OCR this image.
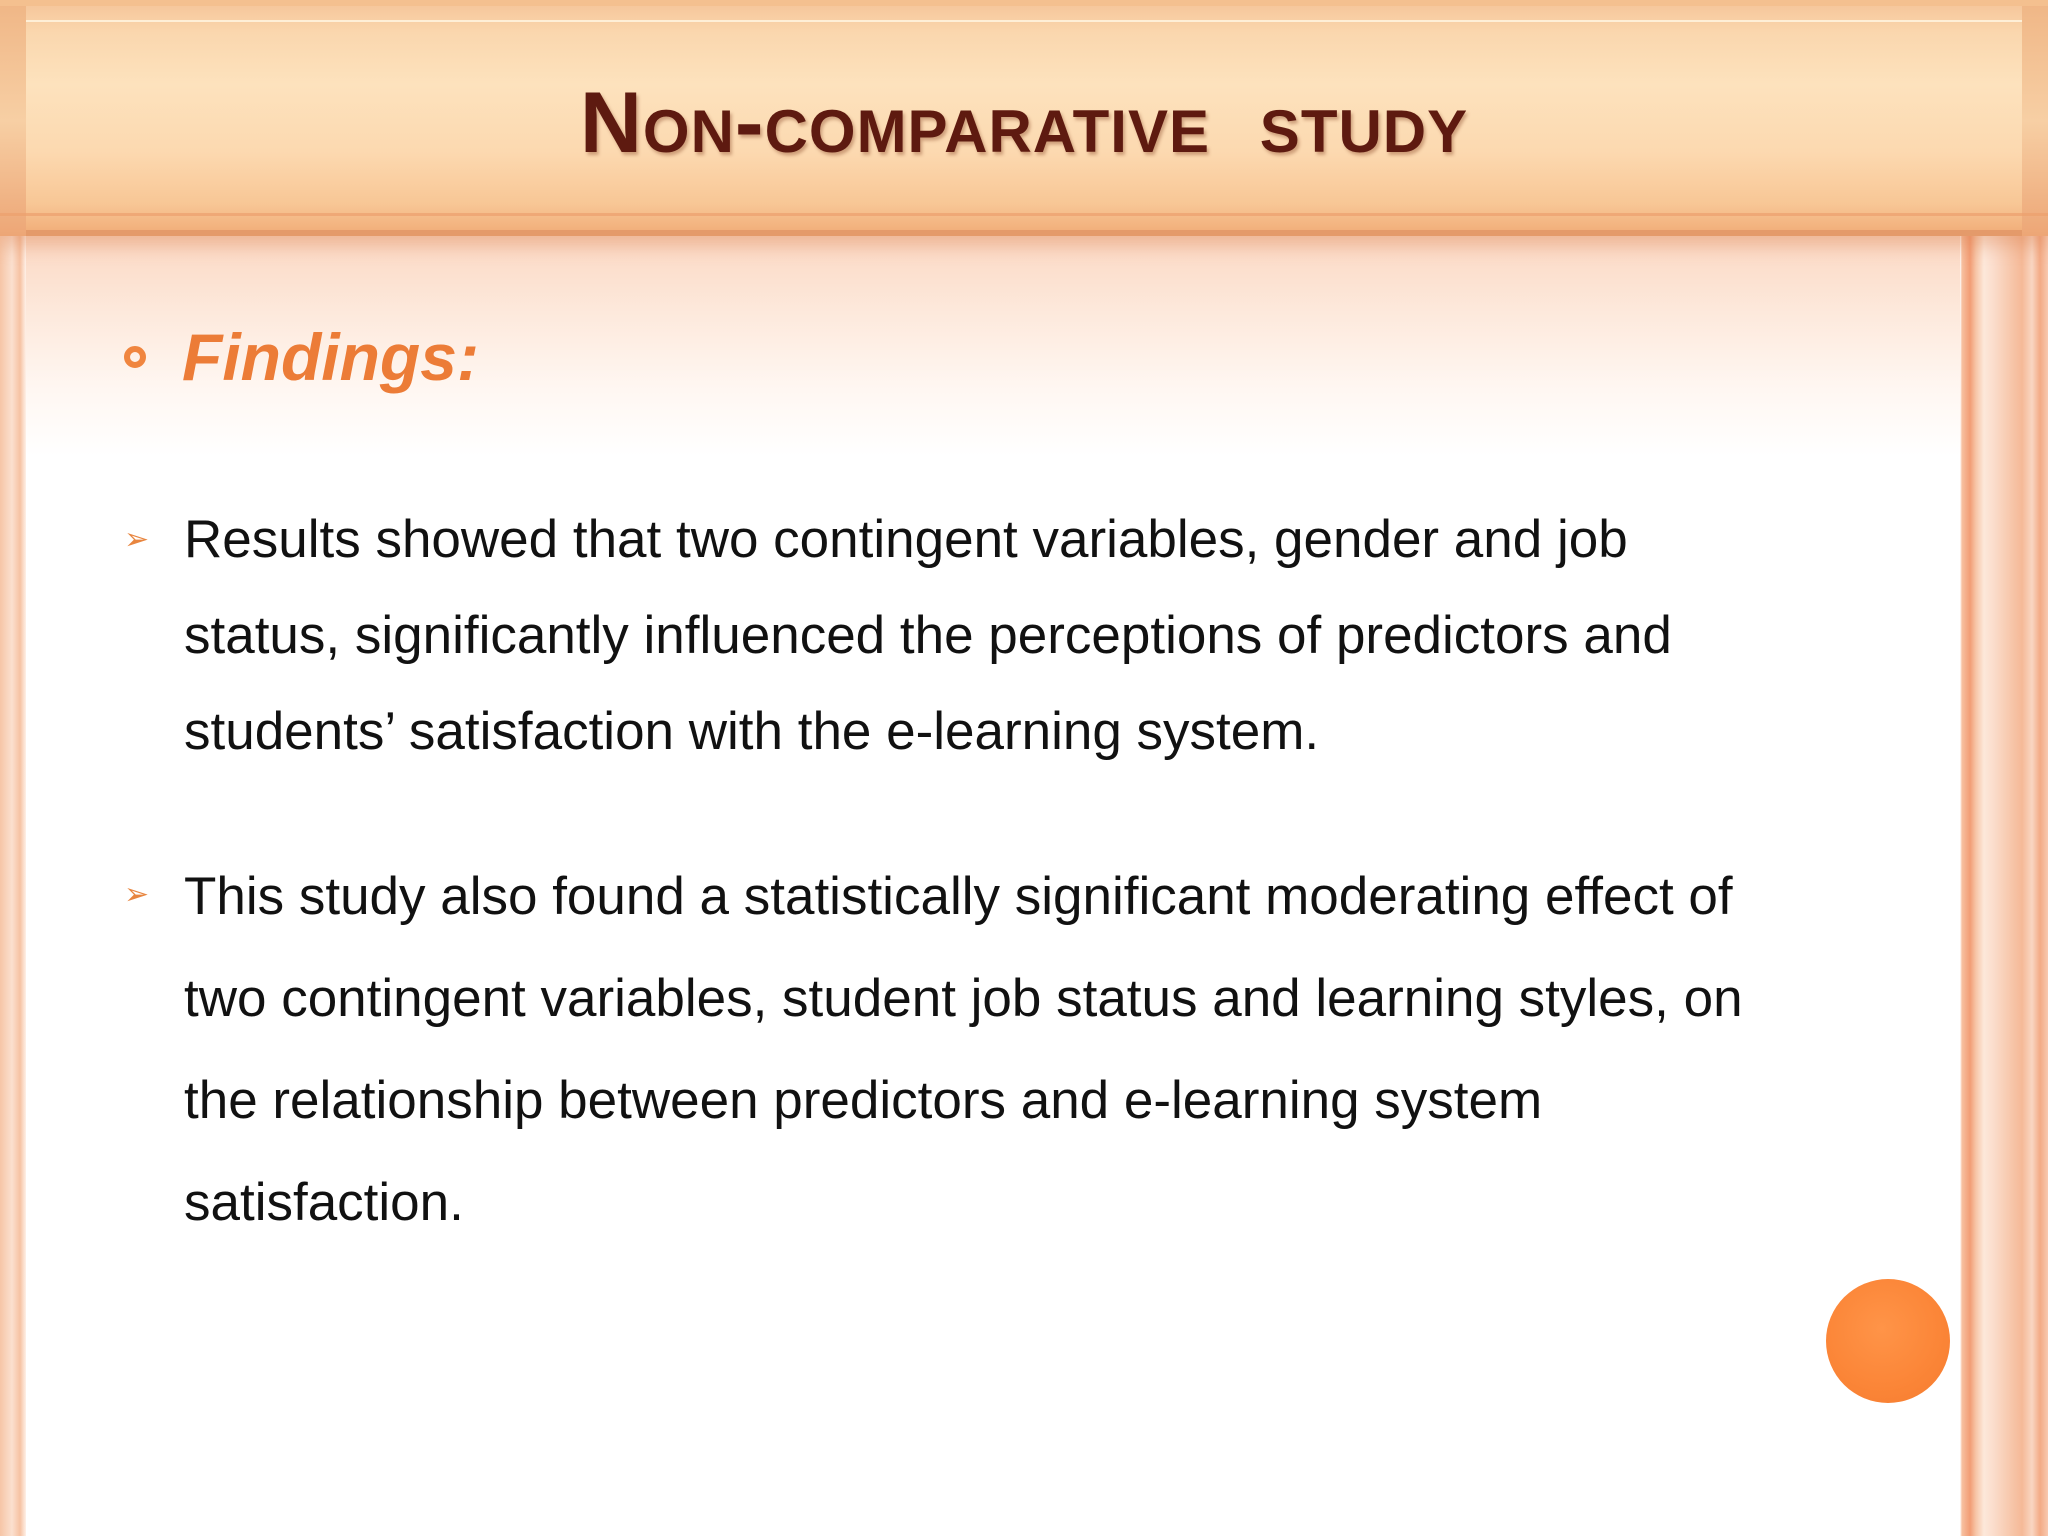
Non-comparative  study
Findings:
➢ Results showed that two contingent variables, gender and job status, significantly influenced the perceptions of predictors and students’ satisfaction with the e-learning system.

➢ This study also found a statistically significant moderating effect of two contingent variables, student job status and learning styles, on the relationship between predictors and e-learning system satisfaction.
